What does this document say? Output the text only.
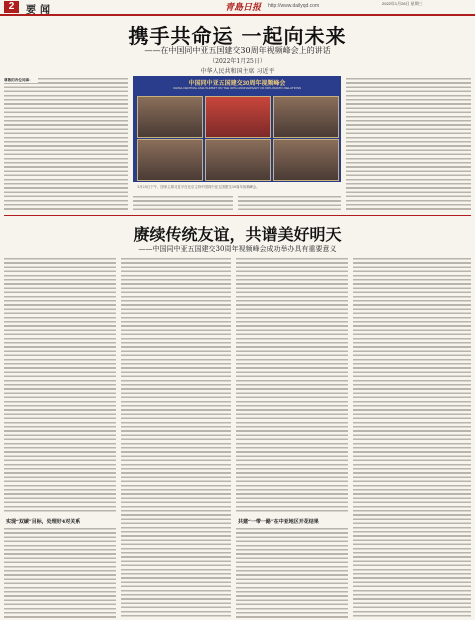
2	要闻	青島日报 http://www.dailyqd.com	2022年1月26日 星期三
携手共命运 一起向未来
——在中国同中亚五国建交30周年视频峰会上的讲话
（2022年1月25日）
中华人民共和国主席 习近平
尊敬的各位同事：
中国同中亚五国建交30周年视频峰会
CHINA-CENTRAL ASIA SUMMIT ON THE 30TH ANNIVERSARY OF DIPLOMATIC RELATIONS
1月25日下午，国家主席习近平在北京主持中国同中亚五国建交30周年视频峰会。
赓续传统友谊，共谱美好明天
——中国同中亚五国建交30周年视频峰会成功举办具有重要意义
实现“双碳”目标，处理好4对关系	共建“一带一路”在中亚地区开花结果
